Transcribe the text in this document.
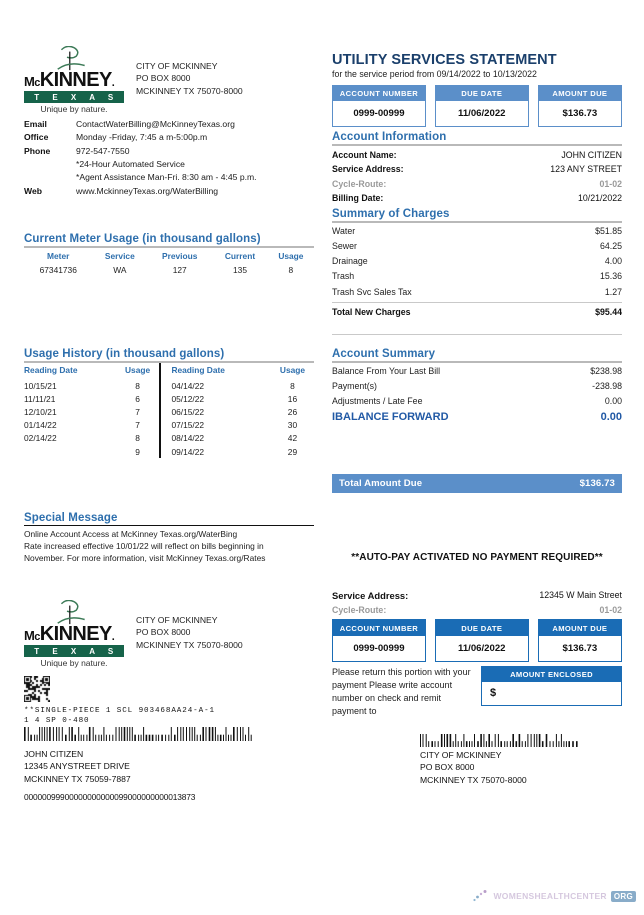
McKINNEY.
T E X A S
Unique by nature.
CITY OF MCKINNEY
PO BOX 8000
MCKINNEY TX 75070-8000
Email	ContactWaterBilling@McKinneyTexas.org
Office	Monday -Friday, 7:45 a m-5:00p.m
Phone	972-547-7550
	*24-Hour Automated Service
	*Agent Assistance Man-Fri. 8:30 am - 4:45 p.m.
Web	www.MckinneyTexas.org/WaterBilling
UTILITY SERVICES STATEMENT
for the service period from 09/14/2022 to 10/13/2022
ACCOUNT NUMBER
0999-00999
DUE DATE
11/06/2022
AMOUNT DUE
$136.73
Account Information
Account Name:	JOHN CITIZEN
Service Address:	123 ANY STREET
Cycle-Route:	01-02
Billing Date:	10/21/2022
Summary of Charges
Water	$51.85
Sewer	64.25
Drainage	4.00
Trash	15.36
Trash Svc Sales Tax	1.27
Total New Charges	$95.44
Account Summary
Balance From Your Last Bill	$238.98
Payment(s)	-238.98
Adjustments / Late Fee	0.00
IBALANCE FORWARD	0.00
Total Amount Due	$136.73
Current Meter Usage (in thousand gallons)
Meter	Service	Previous	Current	Usage
67341736	WA	127	135	8
Usage History (in thousand gallons)
Reading Date	Usage	Reading Date	Usage
10/15/21	8	04/14/22	8
11/11/21	6	05/12/22	16
12/10/21	7	06/15/22	26
01/14/22	7	07/15/22	30
02/14/22	8	08/14/22	42
	9	09/14/22	29
Special Message
Online Account Access at McKinney Texas.org/WaterBing
Rate increased effective 10/01/22 will reflect on bills beginning in
November. For more information, visit McKinney Texas.org/Rates
McKINNEY.
T E X A S
Unique by nature.
CITY OF MCKINNEY
PO BOX 8000
MCKINNEY TX 75070-8000
**SINGLE-PIECE 1 SCL 903468AA24-A-1
1 4 SP 0-480
JOHN CITIZEN
12345 ANYSTREET DRIVE
MCKINNEY TX 75059-7887
00000099900000000000099000000000013873
**AUTO-PAY ACTIVATED NO PAYMENT REQUIRED**
Service Address:	12345 W Main Street
Cycle-Route:	01-02
ACCOUNT NUMBER
0999-00999
DUE DATE
11/06/2022
AMOUNT DUE
$136.73
Please return this portion with your payment Please write account number on check and remit payment to
AMOUNT ENCLOSED
$
CITY OF MCKINNEY
PO BOX 8000
MCKINNEY TX 75070-8000
WOMENSHEALTHCENTER ORG
